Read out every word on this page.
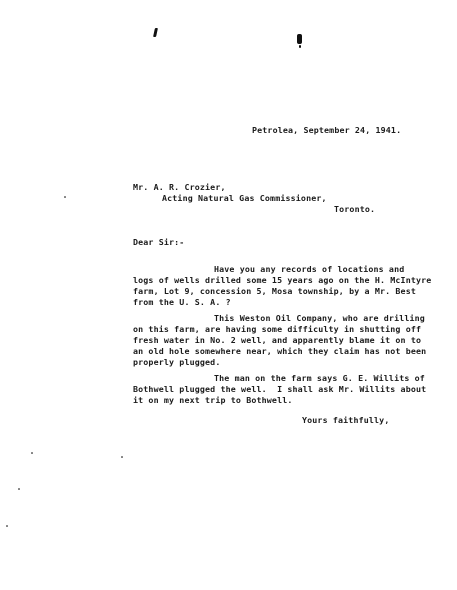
Petrolea, September 24, 1941.
Mr. A. R. Crozier,
Acting Natural Gas Commissioner,
Toronto.
Dear Sir:-
Have you any records of locations and
logs of wells drilled some 15 years ago on the H. McIntyre
farm, Lot 9, concession 5, Mosa township, by a Mr. Best
from the U. S. A. ?
This Weston Oil Company, who are drilling
on this farm, are having some difficulty in shutting off
fresh water in No. 2 well, and apparently blame it on to
an old hole somewhere near, which they claim has not been
properly plugged.
The man on the farm says G. E. Willits of
Bothwell plugged the well.  I shall ask Mr. Willits about
it on my next trip to Bothwell.
Yours faithfully,
